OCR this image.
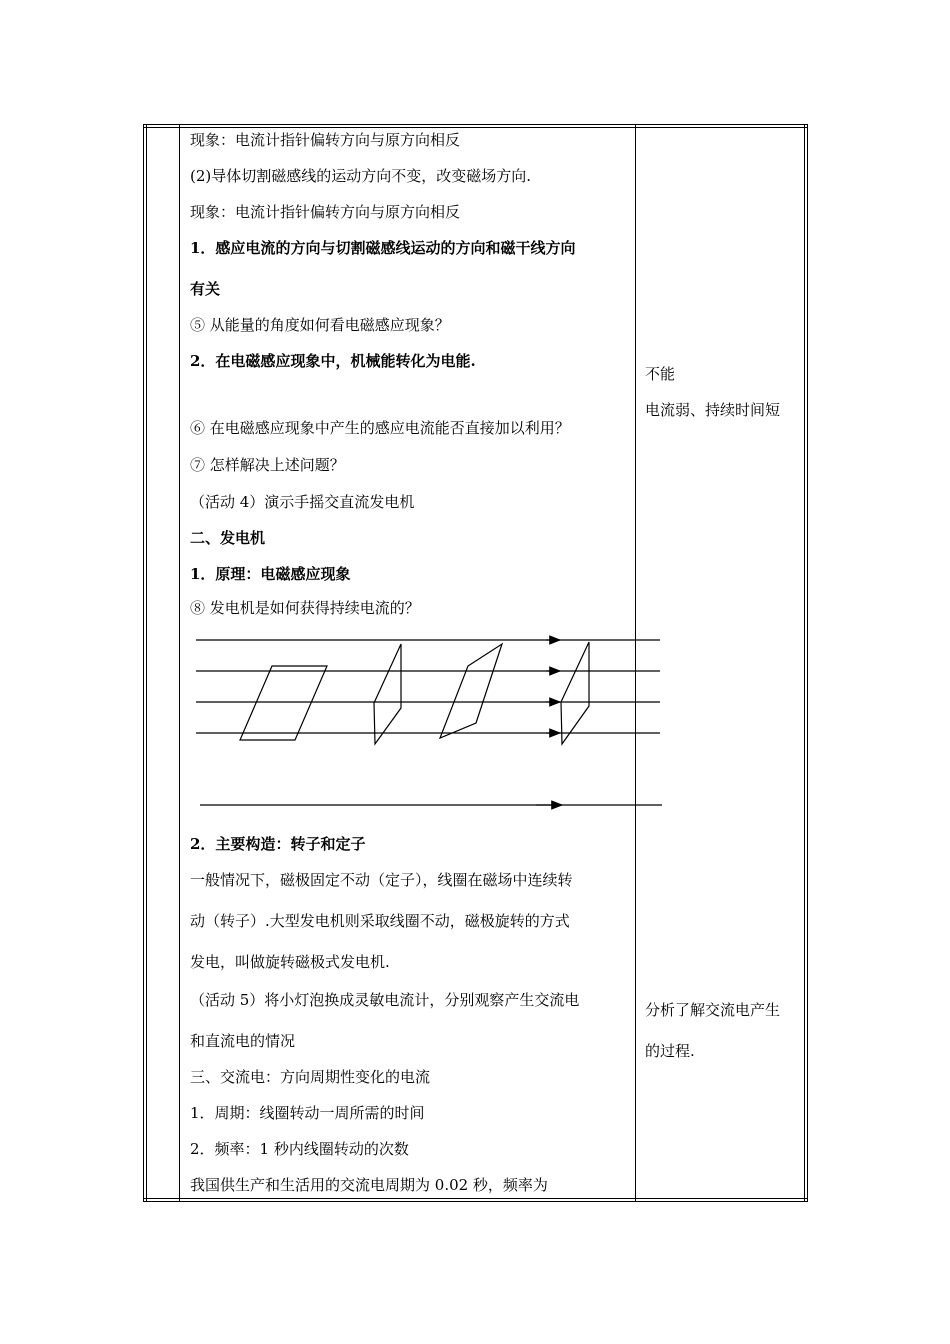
现象：电流计指针偏转方向与原方向相反
(2)导体切割磁感线的运动方向不变，改变磁场方向.
现象：电流计指针偏转方向与原方向相反
1．感应电流的方向与切割磁感线运动的方向和磁干线方向
有关
⑤ 从能量的角度如何看电磁感应现象？
2．在电磁感应现象中，机械能转化为电能.
⑥ 在电磁感应现象中产生的感应电流能否直接加以利用？
⑦ 怎样解决上述问题？
（活动 4）演示手摇交直流发电机
二、发电机
1．原理：电磁感应现象
⑧ 发电机是如何获得持续电流的？
2．主要构造：转子和定子
一般情况下，磁极固定不动（定子），线圈在磁场中连续转
动（转子）.大型发电机则采取线圈不动，磁极旋转的方式
发电，叫做旋转磁极式发电机.
（活动 5）将小灯泡换成灵敏电流计，分别观察产生交流电
和直流电的情况
三、交流电：方向周期性变化的电流
1．周期：线圈转动一周所需的时间
2．频率：1 秒内线圈转动的次数
我国供生产和生活用的交流电周期为 0.02 秒，频率为
不能
电流弱、持续时间短
分析了解交流电产生
的过程.
